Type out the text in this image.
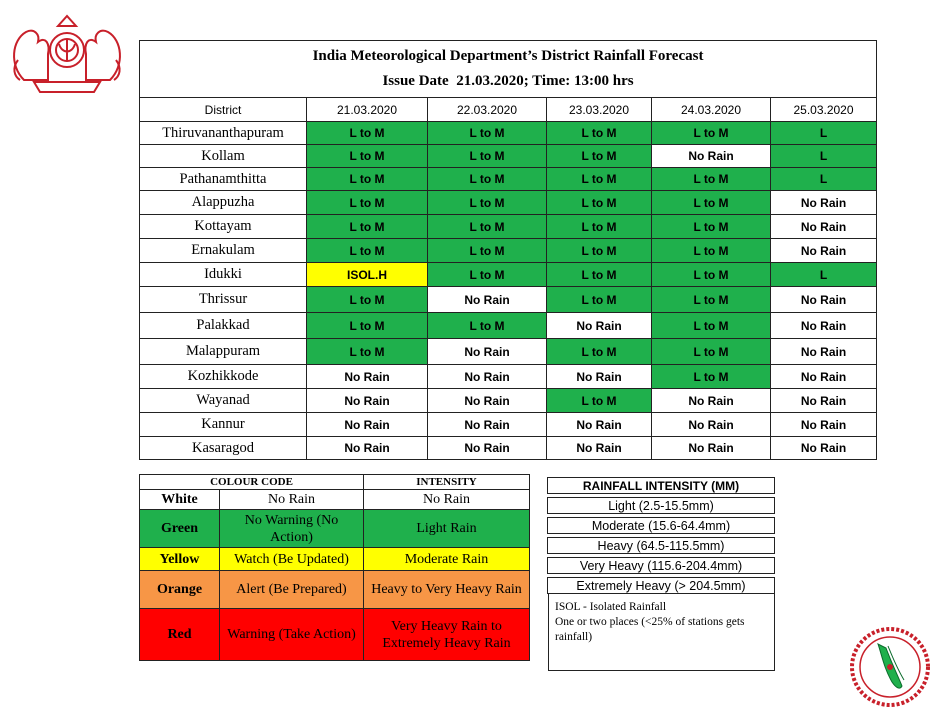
India Meteorological Department’s District Rainfall Forecast
Issue Date 21.03.2020; Time: 13:00 hrs					

District	21.03.2020	22.03.2020	23.03.2020	24.03.2020	25.03.2020
Thiruvananthapuram	L to M	L to M	L to M	L to M	L
Kollam	L to M	L to M	L to M	No Rain	L
Pathanamthitta	L to M	L to M	L to M	L to M	L
Alappuzha	L to M	L to M	L to M	L to M	No Rain
Kottayam	L to M	L to M	L to M	L to M	No Rain
Ernakulam	L to M	L to M	L to M	L to M	No Rain
Idukki	ISOL.H	L to M	L to M	L to M	L
Thrissur	L to M	No Rain	L to M	L to M	No Rain
Palakkad	L to M	L to M	No Rain	L to M	No Rain
Malappuram	L to M	No Rain	L to M	L to M	No Rain
Kozhikkode	No Rain	No Rain	No Rain	L to M	No Rain
Wayanad	No Rain	No Rain	L to M	No Rain	No Rain
Kannur	No Rain	No Rain	No Rain	No Rain	No Rain
Kasaragod	No Rain	No Rain	No Rain	No Rain	No Rain
COLOUR CODE		INTENSITY
White	No Rain	No Rain
Green	No Warning (No Action)	Light Rain
Yellow	Watch (Be Updated)	Moderate Rain
Orange	Alert (Be Prepared)	Heavy to Very Heavy Rain
Red	Warning (Take Action)	Very Heavy Rain to Extremely Heavy Rain
RAINFALL INTENSITY (MM)
Light (2.5-15.5mm)
Moderate (15.6-64.4mm)
Heavy (64.5-115.5mm)
Very Heavy (115.6-204.4mm)
Extremely Heavy (> 204.5mm)
ISOL - Isolated Rainfall
One or two places (<25% of stations gets rainfall)
